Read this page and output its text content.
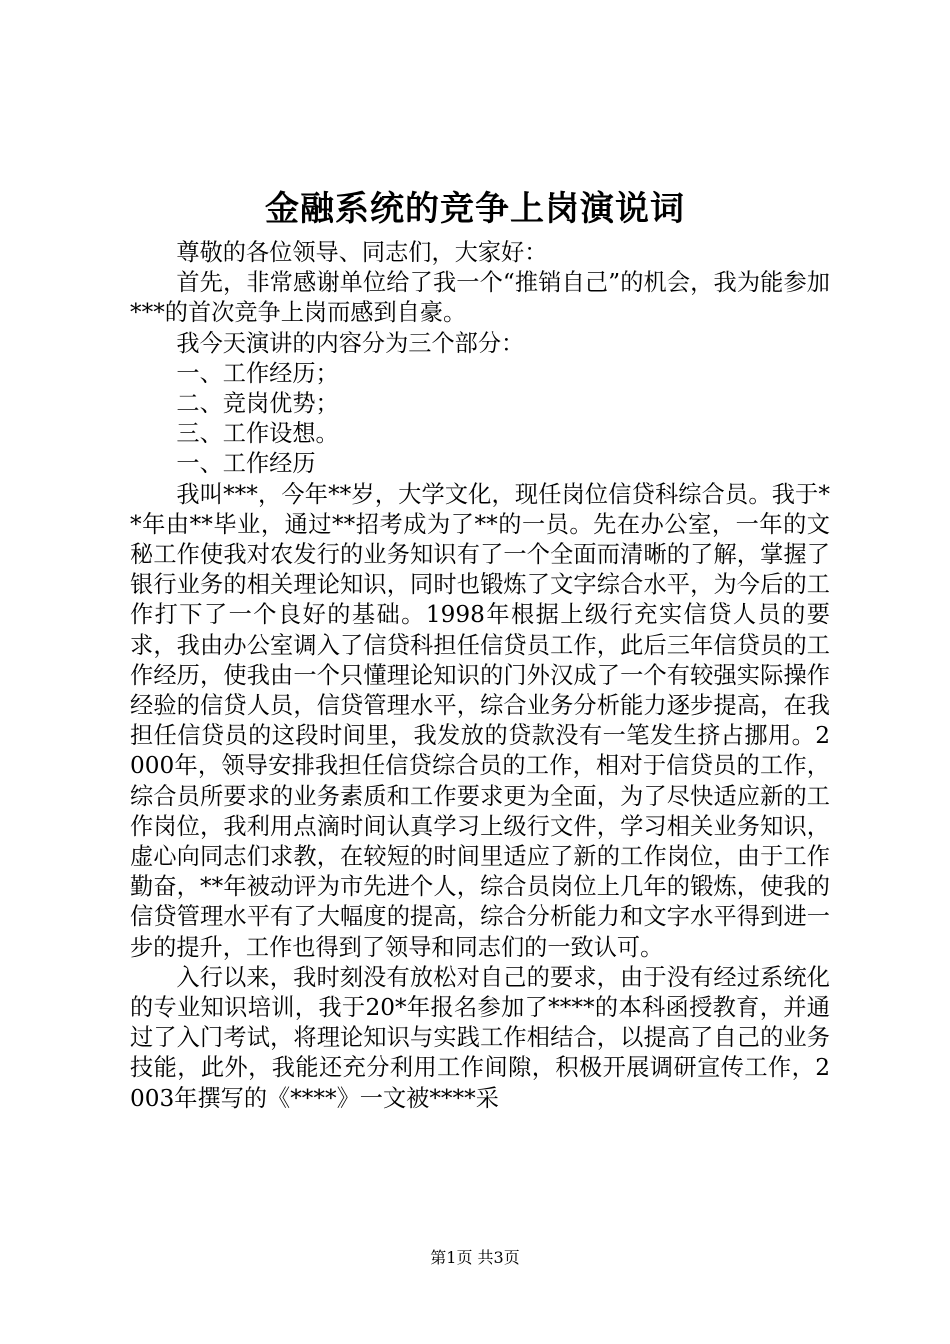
金融系统的竞争上岗演说词

尊敬的各位领导、同志们，大家好：

首先，非常感谢单位给了我一个“推销自己”的机会，我为能参加***的首次竞争上岗而感到自豪。

我今天演讲的内容分为三个部分：

一、工作经历；

二、竞岗优势；

三、工作设想。

一、工作经历

我叫***，今年**岁，大学文化，现任岗位信贷科综合员。我于**年由**毕业，通过**招考成为了**的一员。先在办公室，一年的文秘工作使我对农发行的业务知识有了一个全面而清晰的了解，掌握了银行业务的相关理论知识，同时也锻炼了文字综合水平，为今后的工作打下了一个良好的基础。1998年根据上级行充实信贷人员的要求，我由办公室调入了信贷科担任信贷员工作，此后三年信贷员的工作经历，使我由一个只懂理论知识的门外汉成了一个有较强实际操作经验的信贷人员，信贷管理水平，综合业务分析能力逐步提高，在我担任信贷员的这段时间里，我发放的贷款没有一笔发生挤占挪用。2000年，领导安排我担任信贷综合员的工作，相对于信贷员的工作，综合员所要求的业务素质和工作要求更为全面，为了尽快适应新的工作岗位，我利用点滴时间认真学习上级行文件，学习相关业务知识，虚心向同志们求教，在较短的时间里适应了新的工作岗位，由于工作勤奋，**年被动评为市先进个人，综合员岗位上几年的锻炼，使我的信贷管理水平有了大幅度的提高，综合分析能力和文字水平得到进一步的提升，工作也得到了领导和同志们的一致认可。

入行以来，我时刻没有放松对自己的要求，由于没有经过系统化的专业知识培训，我于20*年报名参加了****的本科函授教育，并通过了入门考试，将理论知识与实践工作相结合，以提高了自己的业务技能，此外，我能还充分利用工作间隙，积极开展调研宣传工作，2003年撰写的《****》一文被****采

第1页 共3页
